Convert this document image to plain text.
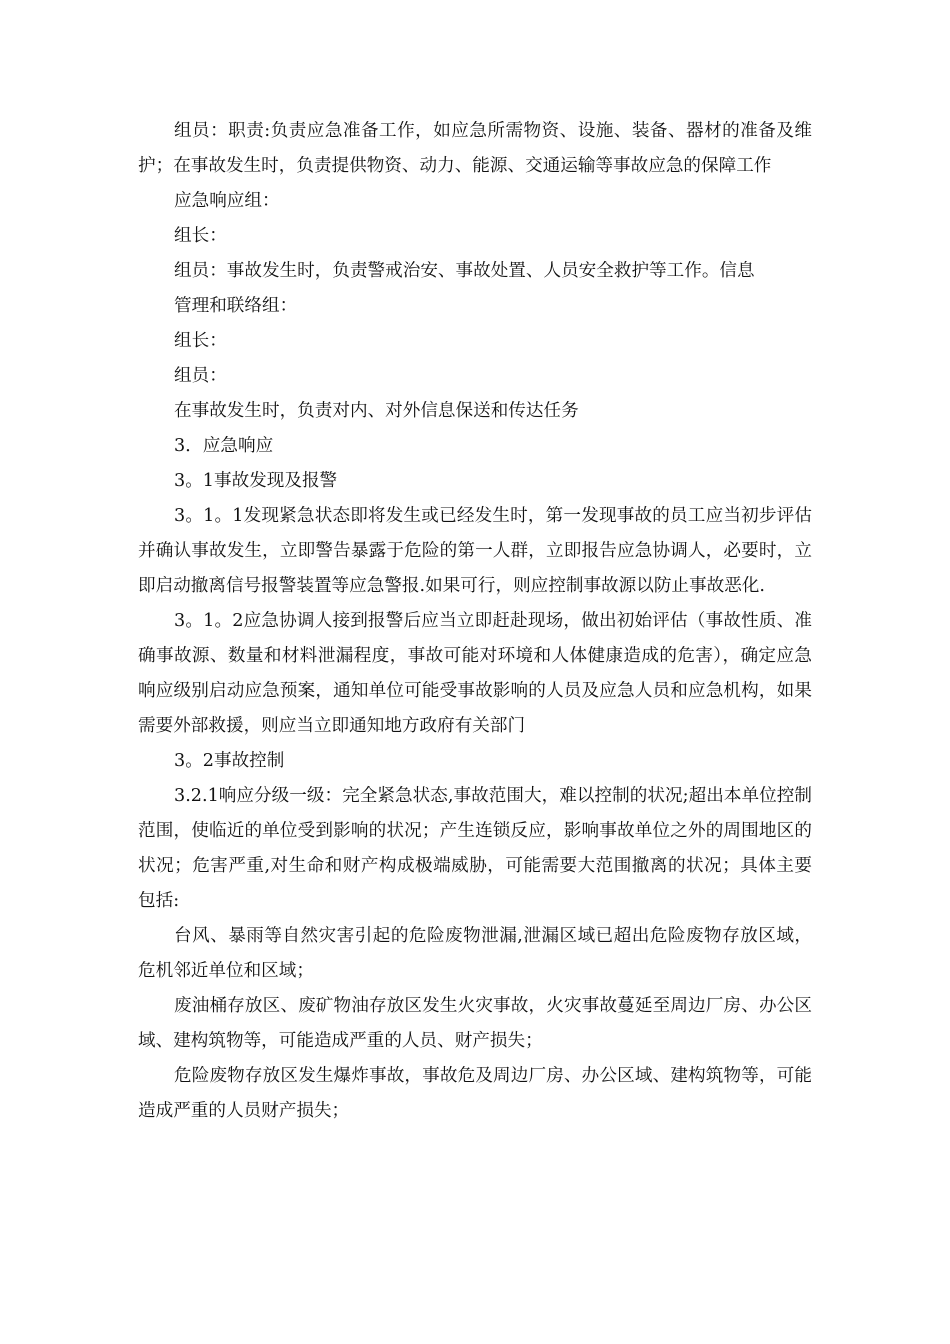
组员：职责:负责应急准备工作，如应急所需物资、设施、装备、器材的准备及维护；在事故发生时，负责提供物资、动力、能源、交通运输等事故应急的保障工作

应急响应组：

组长：

组员：事故发生时，负责警戒治安、事故处置、人员安全救护等工作。信息

管理和联络组：

组长：

组员：

在事故发生时，负责对内、对外信息保送和传达任务

3．应急响应

3。1事故发现及报警

3。1。1发现紧急状态即将发生或已经发生时，第一发现事故的员工应当初步评估并确认事故发生，立即警告暴露于危险的第一人群，立即报告应急协调人，必要时，立即启动撤离信号报警装置等应急警报.如果可行，则应控制事故源以防止事故恶化.

3。1。2应急协调人接到报警后应当立即赶赴现场，做出初始评估（事故性质、准确事故源、数量和材料泄漏程度，事故可能对环境和人体健康造成的危害），确定应急响应级别启动应急预案，通知单位可能受事故影响的人员及应急人员和应急机构，如果需要外部救援，则应当立即通知地方政府有关部门

3。2事故控制

3.2.1响应分级一级：完全紧急状态,事故范围大，难以控制的状况;超出本单位控制范围，使临近的单位受到影响的状况；产生连锁反应，影响事故单位之外的周围地区的状况；危害严重,对生命和财产构成极端威胁，可能需要大范围撤离的状况；具体主要包括:

台风、暴雨等自然灾害引起的危险废物泄漏,泄漏区域已超出危险废物存放区域，危机邻近单位和区域；

废油桶存放区、废矿物油存放区发生火灾事故，火灾事故蔓延至周边厂房、办公区域、建构筑物等，可能造成严重的人员、财产损失；

危险废物存放区发生爆炸事故，事故危及周边厂房、办公区域、建构筑物等，可能造成严重的人员财产损失；
